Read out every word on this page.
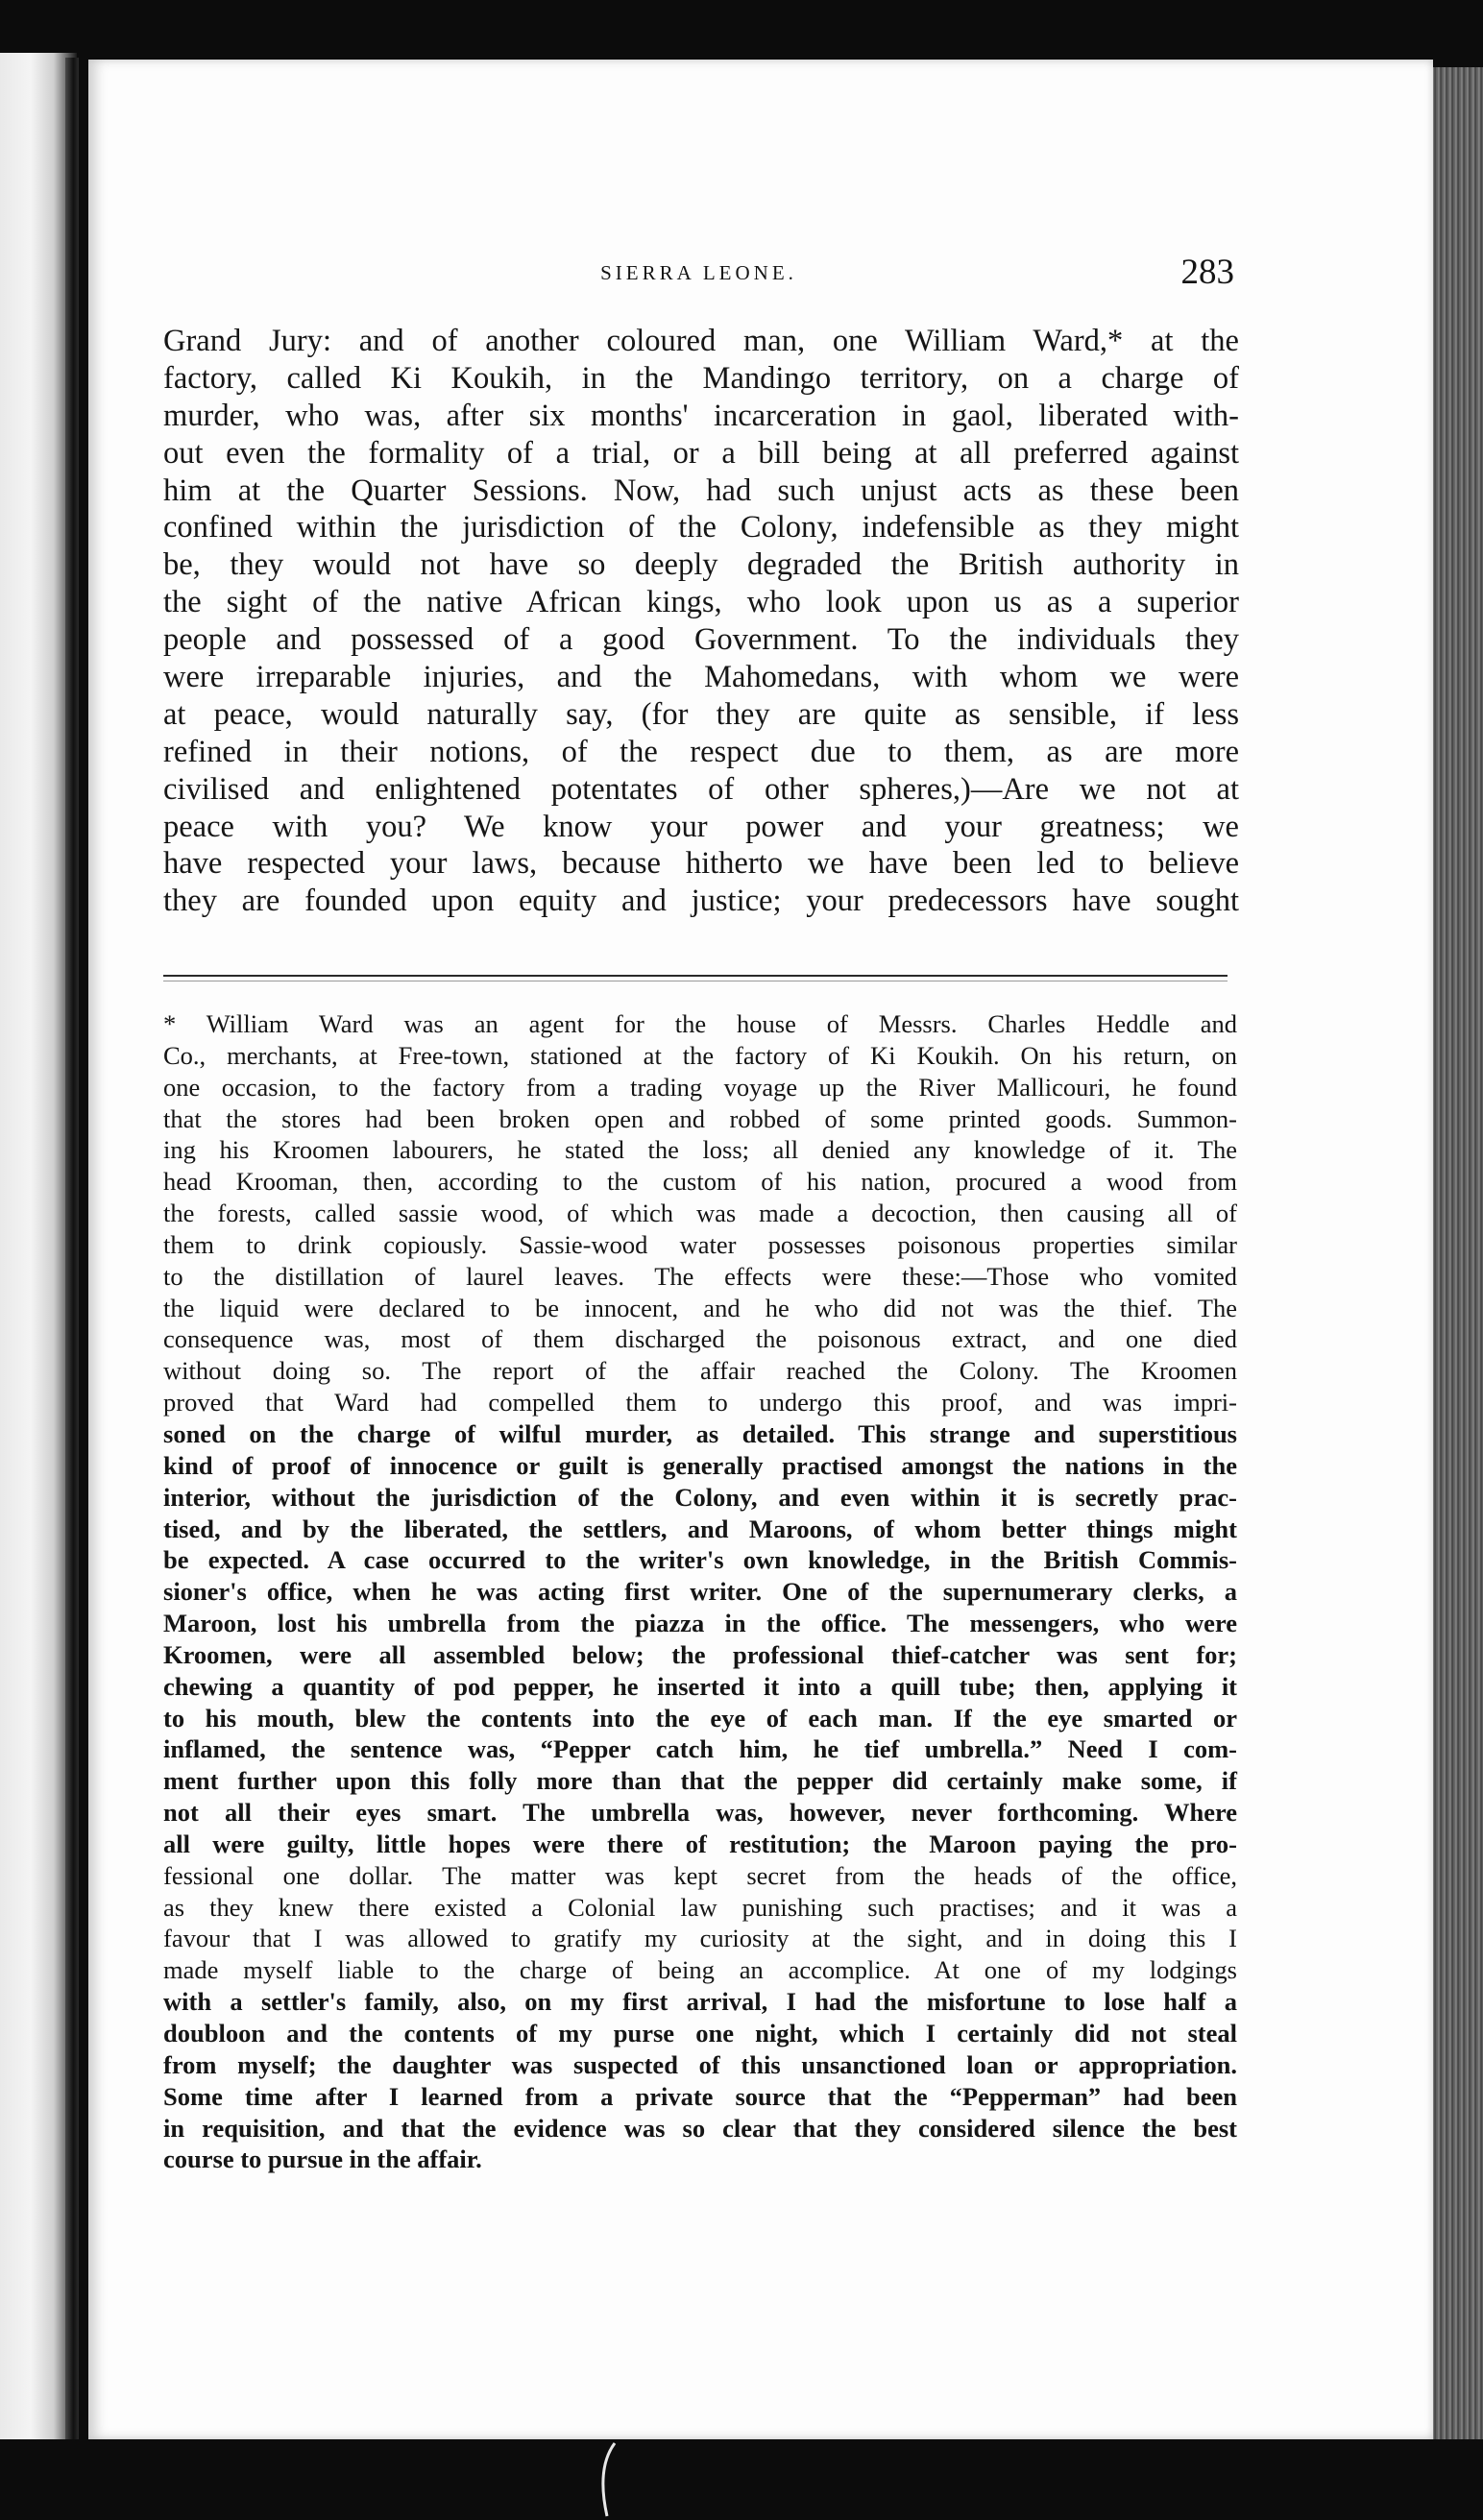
SIERRA LEONE.	283
Grand Jury: and of another coloured man, one William Ward,* at the
factory, called Ki Koukih, in the Mandingo territory, on a charge of
murder, who was, after six months' incarceration in gaol, liberated with-
out even the formality of a trial, or a bill being at all preferred against
him at the Quarter Sessions. Now, had such unjust acts as these been
confined within the jurisdiction of the Colony, indefensible as they might
be, they would not have so deeply degraded the British authority in
the sight of the native African kings, who look upon us as a superior
people and possessed of a good Government. To the individuals they
were irreparable injuries, and the Mahomedans, with whom we were
at peace, would naturally say, (for they are quite as sensible, if less
refined in their notions, of the respect due to them, as are more
civilised and enlightened potentates of other spheres,)—Are we not at
peace with you? We know your power and your greatness; we
have respected your laws, because hitherto we have been led to believe
they are founded upon equity and justice; your predecessors have sought
* William Ward was an agent for the house of Messrs. Charles Heddle and
Co., merchants, at Free-town, stationed at the factory of Ki Koukih. On his return, on
one occasion, to the factory from a trading voyage up the River Mallicouri, he found
that the stores had been broken open and robbed of some printed goods. Summon-
ing his Kroomen labourers, he stated the loss; all denied any knowledge of it. The
head Krooman, then, according to the custom of his nation, procured a wood from
the forests, called sassie wood, of which was made a decoction, then causing all of
them to drink copiously. Sassie-wood water possesses poisonous properties similar
to the distillation of laurel leaves. The effects were these:—Those who vomited
the liquid were declared to be innocent, and he who did not was the thief. The
consequence was, most of them discharged the poisonous extract, and one died
without doing so. The report of the affair reached the Colony. The Kroomen
proved that Ward had compelled them to undergo this proof, and was impri-
soned on the charge of wilful murder, as detailed. This strange and superstitious
kind of proof of innocence or guilt is generally practised amongst the nations in the
interior, without the jurisdiction of the Colony, and even within it is secretly prac-
tised, and by the liberated, the settlers, and Maroons, of whom better things might
be expected. A case occurred to the writer's own knowledge, in the British Commis-
sioner's office, when he was acting first writer. One of the supernumerary clerks, a
Maroon, lost his umbrella from the piazza in the office. The messengers, who were
Kroomen, were all assembled below; the professional thief-catcher was sent for;
chewing a quantity of pod pepper, he inserted it into a quill tube; then, applying it
to his mouth, blew the contents into the eye of each man. If the eye smarted or
inflamed, the sentence was, “Pepper catch him, he tief umbrella.” Need I com-
ment further upon this folly more than that the pepper did certainly make some, if
not all their eyes smart. The umbrella was, however, never forthcoming. Where
all were guilty, little hopes were there of restitution; the Maroon paying the pro-
fessional one dollar. The matter was kept secret from the heads of the office,
as they knew there existed a Colonial law punishing such practises; and it was a
favour that I was allowed to gratify my curiosity at the sight, and in doing this I
made myself liable to the charge of being an accomplice. At one of my lodgings
with a settler's family, also, on my first arrival, I had the misfortune to lose half a
doubloon and the contents of my purse one night, which I certainly did not steal
from myself; the daughter was suspected of this unsanctioned loan or appropriation.
Some time after I learned from a private source that the “Pepperman” had been
in requisition, and that the evidence was so clear that they considered silence the best
course to pursue in the affair.
